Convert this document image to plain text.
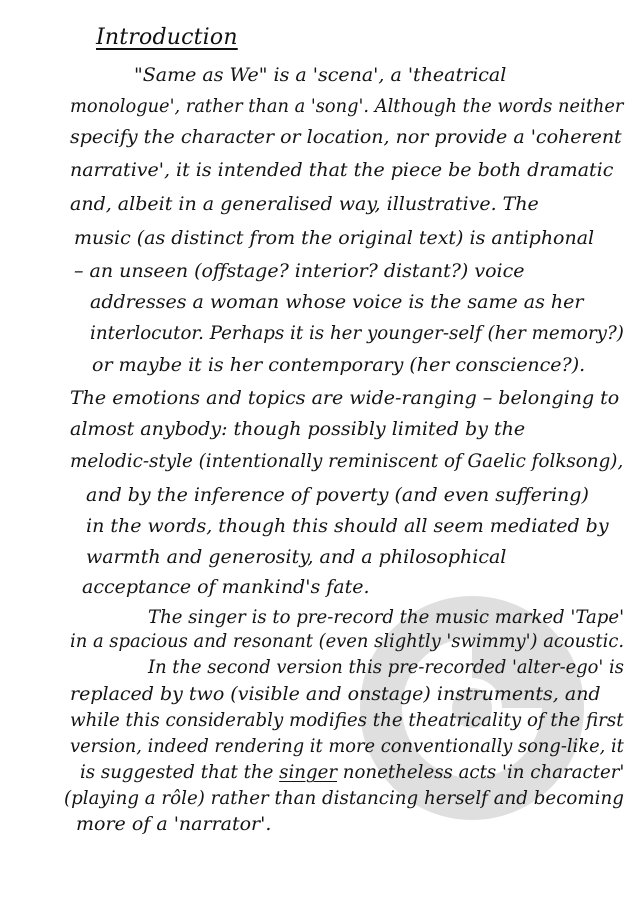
Introduction
"Same as We" is a 'scena', a 'theatrical
monologue', rather than a 'song'. Although the words neither
specify the character or location, nor provide a 'coherent
narrative', it is intended that the piece be both dramatic
and, albeit in a generalised way, illustrative. The
music (as distinct from the original text) is antiphonal
– an unseen (offstage? interior? distant?) voice
addresses a woman whose voice is the same as her
interlocutor. Perhaps it is her younger-self (her memory?)
or maybe it is her contemporary (her conscience?).
The emotions and topics are wide-ranging – belonging to
almost anybody: though possibly limited by the
melodic-style (intentionally reminiscent of Gaelic folksong),
and by the inference of poverty (and even suffering)
in the words, though this should all seem mediated by
warmth and generosity, and a philosophical
acceptance of mankind's fate.
The singer is to pre-record the music marked 'Tape'
in a spacious and resonant (even slightly 'swimmy') acoustic.
In the second version this pre-recorded 'alter-ego' is
replaced by two (visible and onstage) instruments, and
while this considerably modifies the theatricality of the first
version, indeed rendering it more conventionally song-like, it
is suggested that the singer nonetheless acts 'in character'
(playing a rôle) rather than distancing herself and becoming
more of a 'narrator'.
